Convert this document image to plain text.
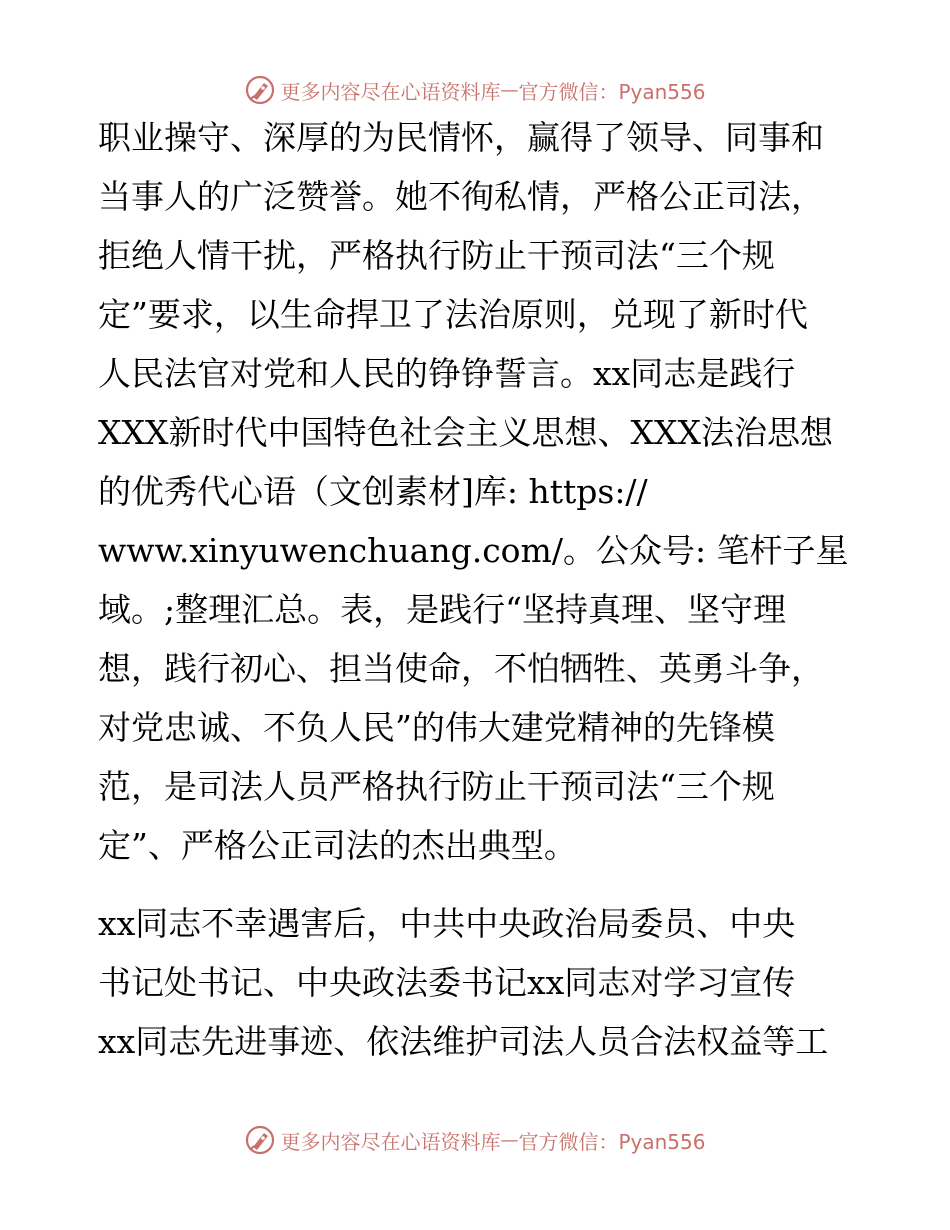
更多内容尽在心语资料库 — 官方微信：Pyan556
职业操守、深厚的为民情怀，赢得了领导、同事和
当事人的广泛赞誉。她不徇私情，严格公正司法，
拒绝人情干扰，严格执行防止干预司法“三个规
定”要求，以生命捍卫了法治原则，兑现了新时代
人民法官对党和人民的铮铮誓言。xx同志是践行
XXX新时代中国特色社会主义思想、XXX法治思想
的优秀代心语（文创素材]库: https://
www.xinyuwenchuang.com/。公众号: 笔杆子星
域。;整理汇总。表，是践行“坚持真理、坚守理
想，践行初心、担当使命，不怕牺牲、英勇斗争，
对党忠诚、不负人民”的伟大建党精神的先锋模
范，是司法人员严格执行防止干预司法“三个规
定”、严格公正司法的杰出典型。
xx同志不幸遇害后，中共中央政治局委员、中央
书记处书记、中央政法委书记xx同志对学习宣传
xx同志先进事迹、依法维护司法人员合法权益等工
更多内容尽在心语资料库 — 官方微信：Pyan556
